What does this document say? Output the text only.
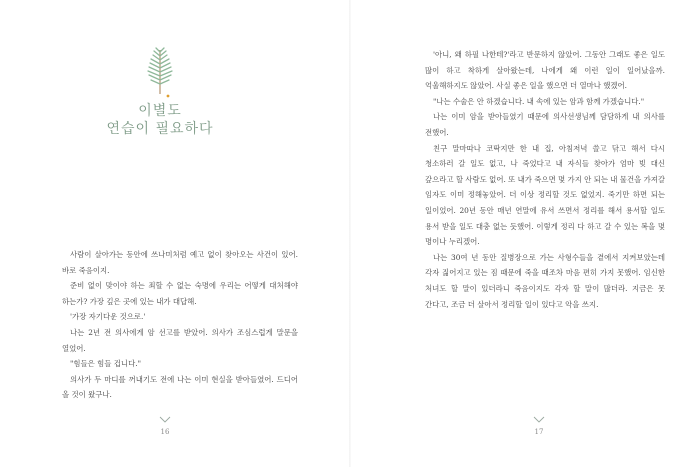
이별도
연습이 필요하다

사람이 살아가는 동안에 쓰나미처럼 예고 없이 찾아오는 사건이 있어. 바로 죽음이지.

준비 없이 맞이야 하는 죄할 수 없는 숙명에 우리는 어떻게 대처해야 하는가? 가장 깊은 곳에 있는 내가 대답해.

'가장 자기다운 것으로.'

나는 2년 전 의사에게 암 선고를 받았어. 의사가 조심스럽게 말문을 열었어.

"힘들은 힘들 겁니다."

의사가 두 마디를 꺼내기도 전에 나는 이미 현실을 받아들였어. 드디어 올 것이 왔구나.

16

'아니, 왜 하필 나한테?'라고 반문하지 않았어. 그동안 그래도 좋은 일도 많이 하고 착하게 살아왔는데, 나에게 왜 이런 일이 일어났을까. 억울해하지도 않았어. 사실 좋은 일을 했으면 더 열마나 했겠어.

"나는 수술은 안 하겠습니다. 내 속에 있는 암과 함께 가겠습니다."

나는 이미 암을 받아들였기 때문에 의사선생님께 담담하게 내 의사를 전했어.

친구 말마따나 코딱지만 한 내 집, 아침저녁 쓸고 닦고 해서 다시 청소하러 갈 일도 없고, 나 죽었다고 내 자식들 찾아가 엄마 빚 대신 갚으라고 할 사람도 없어. 또 내가 죽으면 몇 가지 안 되는 내 물건을 가져갈 임자도 이미 정해놓았어. 더 이상 정리할 것도 없었지. 죽기만 하면 되는 일이었어. 20년 동안 매년 연말에 유서 쓰면서 정리를 해서 용서할 일도 용서 받을 일도 대충 없는 듯했어. 이렇게 정리 다 하고 갈 수 있는 복을 몇 명이나 누리겠어.

나는 30여 년 동안 질병장으로 가는 사형수들을 곁에서 지켜보았는데 각자 짊어지고 있는 짐 때문에 죽을 때조차 마음 편히 가지 못했어. 임신한 처녀도 할 말이 있더라니 죽음이지도 각자 할 말이 많더라. 지금은 못 간다고, 조금 더 살아서 정리할 일이 있다고 악을 쓰지.

17
